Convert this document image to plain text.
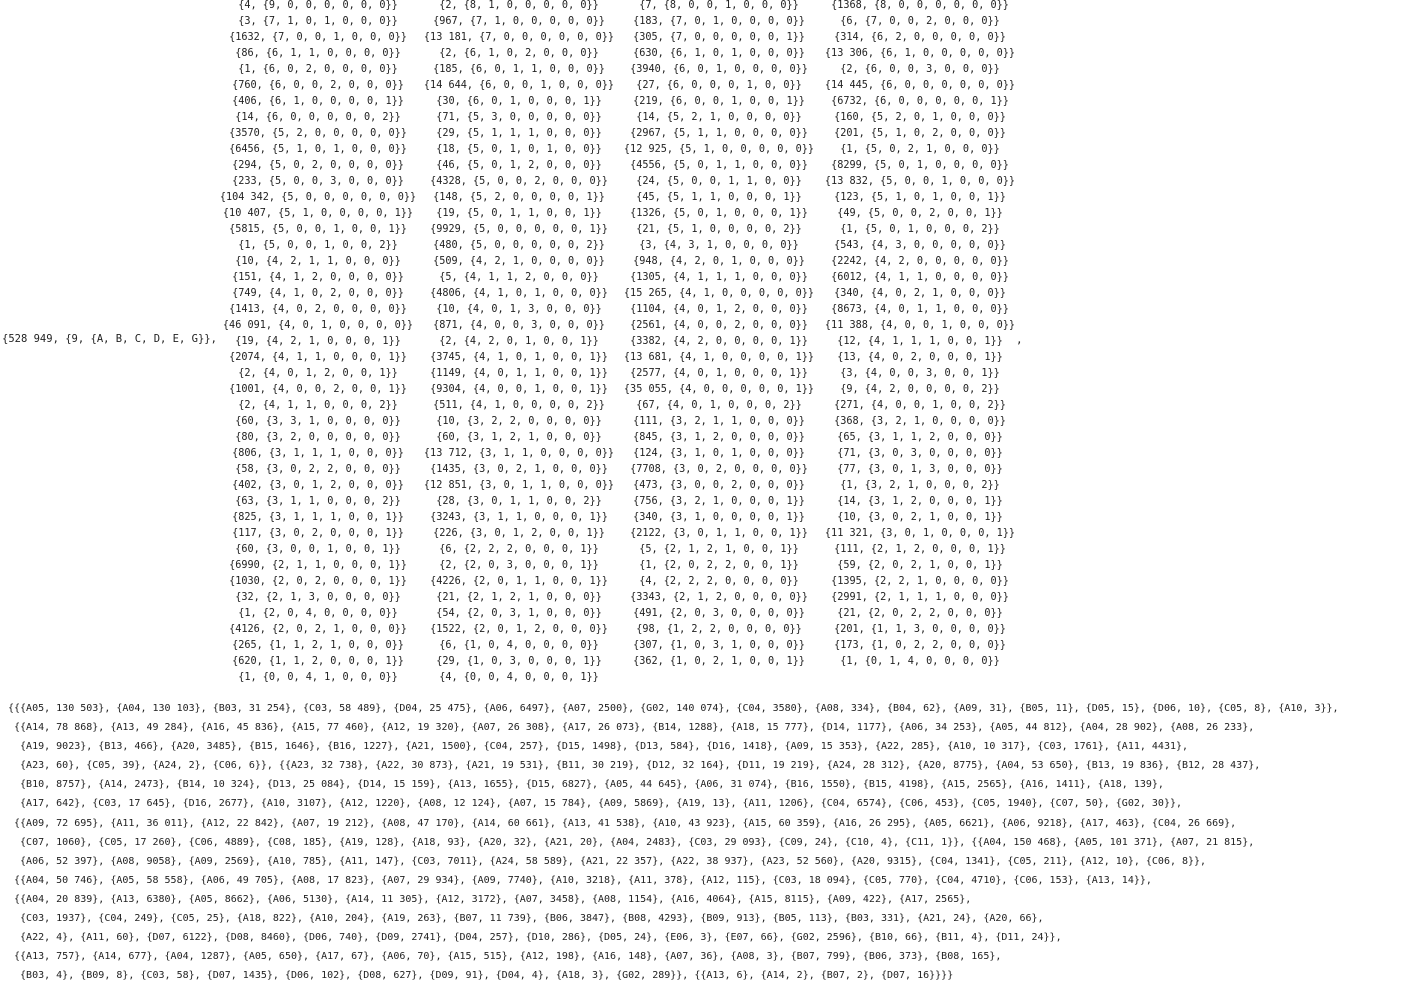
{528 949, {9, {A, B, C, D, E, G}},
{4, {9, 0, 0, 0, 0, 0, 0}}
{3, {7, 1, 0, 1, 0, 0, 0}}
{1632, {7, 0, 0, 1, 0, 0, 0}}
{86, {6, 1, 1, 0, 0, 0, 0}}
{1, {6, 0, 2, 0, 0, 0, 0}}
{760, {6, 0, 0, 2, 0, 0, 0}}
{406, {6, 1, 0, 0, 0, 0, 1}}
{14, {6, 0, 0, 0, 0, 0, 2}}
{3570, {5, 2, 0, 0, 0, 0, 0}}
{6456, {5, 1, 0, 1, 0, 0, 0}}
{294, {5, 0, 2, 0, 0, 0, 0}}
{233, {5, 0, 0, 3, 0, 0, 0}}
{104 342, {5, 0, 0, 0, 0, 0, 0}}
{10 407, {5, 1, 0, 0, 0, 0, 1}}
{5815, {5, 0, 0, 1, 0, 0, 1}}
{1, {5, 0, 0, 1, 0, 0, 2}}
{10, {4, 2, 1, 1, 0, 0, 0}}
{151, {4, 1, 2, 0, 0, 0, 0}}
{749, {4, 1, 0, 2, 0, 0, 0}}
{1413, {4, 0, 2, 0, 0, 0, 0}}
{46 091, {4, 0, 1, 0, 0, 0, 0}}
{19, {4, 2, 1, 0, 0, 0, 1}}
{2074, {4, 1, 1, 0, 0, 0, 1}}
{2, {4, 0, 1, 2, 0, 0, 1}}
{1001, {4, 0, 0, 2, 0, 0, 1}}
{2, {4, 1, 1, 0, 0, 0, 2}}
{60, {3, 3, 1, 0, 0, 0, 0}}
{80, {3, 2, 0, 0, 0, 0, 0}}
{806, {3, 1, 1, 1, 0, 0, 0}}
{58, {3, 0, 2, 2, 0, 0, 0}}
{402, {3, 0, 1, 2, 0, 0, 0}}
{63, {3, 1, 1, 0, 0, 0, 2}}
{825, {3, 1, 1, 1, 0, 0, 1}}
{117, {3, 0, 2, 0, 0, 0, 1}}
{60, {3, 0, 0, 1, 0, 0, 1}}
{6990, {2, 1, 1, 0, 0, 0, 1}}
{1030, {2, 0, 2, 0, 0, 0, 1}}
{32, {2, 1, 3, 0, 0, 0, 0}}
{1, {2, 0, 4, 0, 0, 0, 0}}
{4126, {2, 0, 2, 1, 0, 0, 0}}
{265, {1, 1, 2, 1, 0, 0, 0}}
{620, {1, 1, 2, 0, 0, 0, 1}}
{1, {0, 0, 4, 1, 0, 0, 0}}
{2, {8, 1, 0, 0, 0, 0, 0}}
{967, {7, 1, 0, 0, 0, 0, 0}}
{13 181, {7, 0, 0, 0, 0, 0, 0}}
{2, {6, 1, 0, 2, 0, 0, 0}}
{185, {6, 0, 1, 1, 0, 0, 0}}
{14 644, {6, 0, 0, 1, 0, 0, 0}}
{30, {6, 0, 1, 0, 0, 0, 1}}
{71, {5, 3, 0, 0, 0, 0, 0}}
{29, {5, 1, 1, 1, 0, 0, 0}}
{18, {5, 0, 1, 0, 1, 0, 0}}
{46, {5, 0, 1, 2, 0, 0, 0}}
{4328, {5, 0, 0, 2, 0, 0, 0}}
{148, {5, 2, 0, 0, 0, 0, 1}}
{19, {5, 0, 1, 1, 0, 0, 1}}
{9929, {5, 0, 0, 0, 0, 0, 1}}
{480, {5, 0, 0, 0, 0, 0, 2}}
{509, {4, 2, 1, 0, 0, 0, 0}}
{5, {4, 1, 1, 2, 0, 0, 0}}
{4806, {4, 1, 0, 1, 0, 0, 0}}
{10, {4, 0, 1, 3, 0, 0, 0}}
{871, {4, 0, 0, 3, 0, 0, 0}}
{2, {4, 2, 0, 1, 0, 0, 1}}
{3745, {4, 1, 0, 1, 0, 0, 1}}
{1149, {4, 0, 1, 1, 0, 0, 1}}
{9304, {4, 0, 0, 1, 0, 0, 1}}
{511, {4, 1, 0, 0, 0, 0, 2}}
{10, {3, 2, 2, 0, 0, 0, 0}}
{60, {3, 1, 2, 1, 0, 0, 0}}
{13 712, {3, 1, 1, 0, 0, 0, 0}}
{1435, {3, 0, 2, 1, 0, 0, 0}}
{12 851, {3, 0, 1, 1, 0, 0, 0}}
{28, {3, 0, 1, 1, 0, 0, 2}}
{3243, {3, 1, 1, 0, 0, 0, 1}}
{226, {3, 0, 1, 2, 0, 0, 1}}
{6, {2, 2, 2, 0, 0, 0, 1}}
{2, {2, 0, 3, 0, 0, 0, 1}}
{4226, {2, 0, 1, 1, 0, 0, 1}}
{21, {2, 1, 2, 1, 0, 0, 0}}
{54, {2, 0, 3, 1, 0, 0, 0}}
{1522, {2, 0, 1, 2, 0, 0, 0}}
{6, {1, 0, 4, 0, 0, 0, 0}}
{29, {1, 0, 3, 0, 0, 0, 1}}
{4, {0, 0, 4, 0, 0, 0, 1}}
{7, {8, 0, 0, 1, 0, 0, 0}}
{183, {7, 0, 1, 0, 0, 0, 0}}
{305, {7, 0, 0, 0, 0, 0, 1}}
{630, {6, 1, 0, 1, 0, 0, 0}}
{3940, {6, 0, 1, 0, 0, 0, 0}}
{27, {6, 0, 0, 0, 1, 0, 0}}
{219, {6, 0, 0, 1, 0, 0, 1}}
{14, {5, 2, 1, 0, 0, 0, 0}}
{2967, {5, 1, 1, 0, 0, 0, 0}}
{12 925, {5, 1, 0, 0, 0, 0, 0}}
{4556, {5, 0, 1, 1, 0, 0, 0}}
{24, {5, 0, 0, 1, 1, 0, 0}}
{45, {5, 1, 1, 0, 0, 0, 1}}
{1326, {5, 0, 1, 0, 0, 0, 1}}
{21, {5, 1, 0, 0, 0, 0, 2}}
{3, {4, 3, 1, 0, 0, 0, 0}}
{948, {4, 2, 0, 1, 0, 0, 0}}
{1305, {4, 1, 1, 1, 0, 0, 0}}
{15 265, {4, 1, 0, 0, 0, 0, 0}}
{1104, {4, 0, 1, 2, 0, 0, 0}}
{2561, {4, 0, 0, 2, 0, 0, 0}}
{3382, {4, 2, 0, 0, 0, 0, 1}}
{13 681, {4, 1, 0, 0, 0, 0, 1}}
{2577, {4, 0, 1, 0, 0, 0, 1}}
{35 055, {4, 0, 0, 0, 0, 0, 1}}
{67, {4, 0, 1, 0, 0, 0, 2}}
{111, {3, 2, 1, 1, 0, 0, 0}}
{845, {3, 1, 2, 0, 0, 0, 0}}
{124, {3, 1, 0, 1, 0, 0, 0}}
{7708, {3, 0, 2, 0, 0, 0, 0}}
{473, {3, 0, 0, 2, 0, 0, 0}}
{756, {3, 2, 1, 0, 0, 0, 1}}
{340, {3, 1, 0, 0, 0, 0, 1}}
{2122, {3, 0, 1, 1, 0, 0, 1}}
{5, {2, 1, 2, 1, 0, 0, 1}}
{1, {2, 0, 2, 2, 0, 0, 1}}
{4, {2, 2, 2, 0, 0, 0, 0}}
{3343, {2, 1, 2, 0, 0, 0, 0}}
{491, {2, 0, 3, 0, 0, 0, 0}}
{98, {1, 2, 2, 0, 0, 0, 0}}
{307, {1, 0, 3, 1, 0, 0, 0}}
{362, {1, 0, 2, 1, 0, 0, 1}}
{1368, {8, 0, 0, 0, 0, 0, 0}}
{6, {7, 0, 0, 2, 0, 0, 0}}
{314, {6, 2, 0, 0, 0, 0, 0}}
{13 306, {6, 1, 0, 0, 0, 0, 0}}
{2, {6, 0, 0, 3, 0, 0, 0}}
{14 445, {6, 0, 0, 0, 0, 0, 0}}
{6732, {6, 0, 0, 0, 0, 0, 1}}
{160, {5, 2, 0, 1, 0, 0, 0}}
{201, {5, 1, 0, 2, 0, 0, 0}}
{1, {5, 0, 2, 1, 0, 0, 0}}
{8299, {5, 0, 1, 0, 0, 0, 0}}
{13 832, {5, 0, 0, 1, 0, 0, 0}}
{123, {5, 1, 0, 1, 0, 0, 1}}
{49, {5, 0, 0, 2, 0, 0, 1}}
{1, {5, 0, 1, 0, 0, 0, 2}}
{543, {4, 3, 0, 0, 0, 0, 0}}
{2242, {4, 2, 0, 0, 0, 0, 0}}
{6012, {4, 1, 1, 0, 0, 0, 0}}
{340, {4, 0, 2, 1, 0, 0, 0}}
{8673, {4, 0, 1, 1, 0, 0, 0}}
{11 388, {4, 0, 0, 1, 0, 0, 0}}
{12, {4, 1, 1, 1, 0, 0, 1}}
{13, {4, 0, 2, 0, 0, 0, 1}}
{3, {4, 0, 0, 3, 0, 0, 1}}
{9, {4, 2, 0, 0, 0, 0, 2}}
{271, {4, 0, 0, 1, 0, 0, 2}}
{368, {3, 2, 1, 0, 0, 0, 0}}
{65, {3, 1, 1, 2, 0, 0, 0}}
{71, {3, 0, 3, 0, 0, 0, 0}}
{77, {3, 0, 1, 3, 0, 0, 0}}
{1, {3, 2, 1, 0, 0, 0, 2}}
{14, {3, 1, 2, 0, 0, 0, 1}}
{10, {3, 0, 2, 1, 0, 0, 1}}
{11 321, {3, 0, 1, 0, 0, 0, 1}}
{111, {2, 1, 2, 0, 0, 0, 1}}
{59, {2, 0, 2, 1, 0, 0, 1}}
{1395, {2, 2, 1, 0, 0, 0, 0}}
{2991, {2, 1, 1, 1, 0, 0, 0}}
{21, {2, 0, 2, 2, 0, 0, 0}}
{201, {1, 1, 3, 0, 0, 0, 0}}
{173, {1, 0, 2, 2, 0, 0, 0}}
{1, {0, 1, 4, 0, 0, 0, 0}}
,
{{{A05, 130 503}, {A04, 130 103}, {B03, 31 254}, {C03, 58 489}, {D04, 25 475}, {A06, 6497}, {A07, 2500}, {G02, 140 074}, {C04, 3580}, {A08, 334}, {B04, 62}, {A09, 31}, {B05, 11}, {D05, 15}, {D06, 10}, {C05, 8}, {A10, 3}},
{{A14, 78 868}, {A13, 49 284}, {A16, 45 836}, {A15, 77 460}, {A12, 19 320}, {A07, 26 308}, {A17, 26 073}, {B14, 1288}, {A18, 15 777}, {D14, 1177}, {A06, 34 253}, {A05, 44 812}, {A04, 28 902}, {A08, 26 233},
{A19, 9023}, {B13, 466}, {A20, 3485}, {B15, 1646}, {B16, 1227}, {A21, 1500}, {C04, 257}, {D15, 1498}, {D13, 584}, {D16, 1418}, {A09, 15 353}, {A22, 285}, {A10, 10 317}, {C03, 1761}, {A11, 4431},
{A23, 60}, {C05, 39}, {A24, 2}, {C06, 6}}, {{A23, 32 738}, {A22, 30 873}, {A21, 19 531}, {B11, 30 219}, {D12, 32 164}, {D11, 19 219}, {A24, 28 312}, {A20, 8775}, {A04, 53 650}, {B13, 19 836}, {B12, 28 437},
{B10, 8757}, {A14, 2473}, {B14, 10 324}, {D13, 25 084}, {D14, 15 159}, {A13, 1655}, {D15, 6827}, {A05, 44 645}, {A06, 31 074}, {B16, 1550}, {B15, 4198}, {A15, 2565}, {A16, 1411}, {A18, 139},
{A17, 642}, {C03, 17 645}, {D16, 2677}, {A10, 3107}, {A12, 1220}, {A08, 12 124}, {A07, 15 784}, {A09, 5869}, {A19, 13}, {A11, 1206}, {C04, 6574}, {C06, 453}, {C05, 1940}, {C07, 50}, {G02, 30}},
{{A09, 72 695}, {A11, 36 011}, {A12, 22 842}, {A07, 19 212}, {A08, 47 170}, {A14, 60 661}, {A13, 41 538}, {A10, 43 923}, {A15, 60 359}, {A16, 26 295}, {A05, 6621}, {A06, 9218}, {A17, 463}, {C04, 26 669},
{C07, 1060}, {C05, 17 260}, {C06, 4889}, {C08, 185}, {A19, 128}, {A18, 93}, {A20, 32}, {A21, 20}, {A04, 2483}, {C03, 29 093}, {C09, 24}, {C10, 4}, {C11, 1}}, {{A04, 150 468}, {A05, 101 371}, {A07, 21 815},
{A06, 52 397}, {A08, 9058}, {A09, 2569}, {A10, 785}, {A11, 147}, {C03, 7011}, {A24, 58 589}, {A21, 22 357}, {A22, 38 937}, {A23, 52 560}, {A20, 9315}, {C04, 1341}, {C05, 211}, {A12, 10}, {C06, 8}},
{{A04, 50 746}, {A05, 58 558}, {A06, 49 705}, {A08, 17 823}, {A07, 29 934}, {A09, 7740}, {A10, 3218}, {A11, 378}, {A12, 115}, {C03, 18 094}, {C05, 770}, {C04, 4710}, {C06, 153}, {A13, 14}},
{{A04, 20 839}, {A13, 6380}, {A05, 8662}, {A06, 5130}, {A14, 11 305}, {A12, 3172}, {A07, 3458}, {A08, 1154}, {A16, 4064}, {A15, 8115}, {A09, 422}, {A17, 2565},
{C03, 1937}, {C04, 249}, {C05, 25}, {A18, 822}, {A10, 204}, {A19, 263}, {B07, 11 739}, {B06, 3847}, {B08, 4293}, {B09, 913}, {B05, 113}, {B03, 331}, {A21, 24}, {A20, 66},
{A22, 4}, {A11, 60}, {D07, 6122}, {D08, 8460}, {D06, 740}, {D09, 2741}, {D04, 257}, {D10, 286}, {D05, 24}, {E06, 3}, {E07, 66}, {G02, 2596}, {B10, 66}, {B11, 4}, {D11, 24}},
{{A13, 757}, {A14, 677}, {A04, 1287}, {A05, 650}, {A17, 67}, {A06, 70}, {A15, 515}, {A12, 198}, {A16, 148}, {A07, 36}, {A08, 3}, {B07, 799}, {B06, 373}, {B08, 165},
{B03, 4}, {B09, 8}, {C03, 58}, {D07, 1435}, {D06, 102}, {D08, 627}, {D09, 91}, {D04, 4}, {A18, 3}, {G02, 289}}, {{A13, 6}, {A14, 2}, {B07, 2}, {D07, 16}}}}
